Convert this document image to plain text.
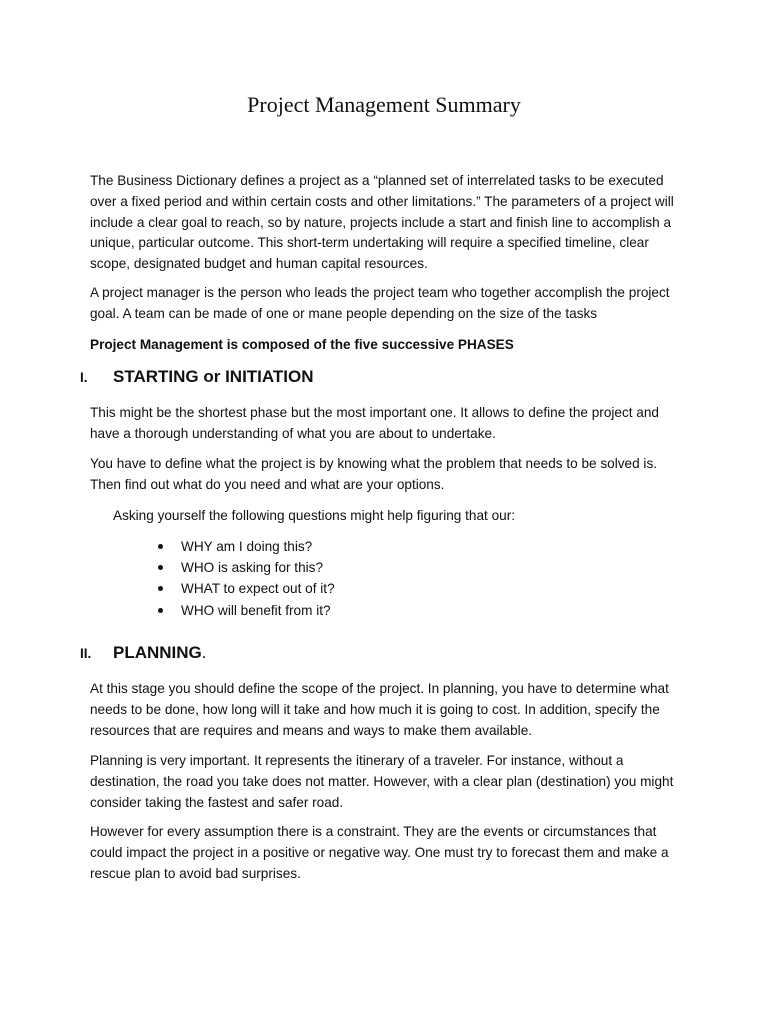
Project Management Summary

The Business Dictionary defines a project as a “planned set of interrelated tasks to be executed over a fixed period and within certain costs and other limitations.” The parameters of a project will include a clear goal to reach, so by nature, projects include a start and finish line to accomplish a unique, particular outcome. This short-term undertaking will require a specified timeline, clear scope, designated budget and human capital resources.

A project manager is the person who leads the project team who together accomplish the project goal. A team can be made of one or mane people depending on the size of the tasks

Project Management is composed of the five successive PHASES

I.	STARTING or INITIATION

This might be the shortest phase but the most important one. It allows to define the project and have a thorough understanding of what you are about to undertake.

You have to define what the project is by knowing what the problem that needs to be solved is. Then find out what do you need and what are your options.

Asking yourself the following questions might help figuring that our:

WHY am I doing this?
WHO is asking for this?
WHAT to expect out of it?
WHO will benefit from it?
II.	PLANNING .

At this stage you should define the scope of the project. In planning, you have to determine what needs to be done, how long will it take and how much it is going to cost. In addition, specify the resources that are requires and means and ways to make them available.

Planning is very important. It represents the itinerary of a traveler. For instance, without a destination, the road you take does not matter. However, with a clear plan (destination) you might consider taking the fastest and safer road.

However for every assumption there is a constraint. They are the events or circumstances that could impact the project in a positive or negative way. One must try to forecast them and make a rescue plan to avoid bad surprises.
